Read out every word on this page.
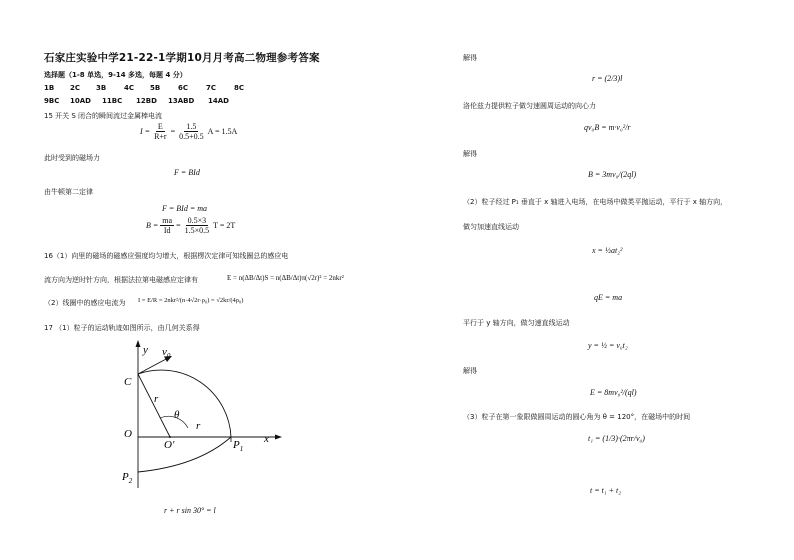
石家庄实验中学21-22-1学期10月月考高二物理参考答案
选择题（1-8 单选，9-14 多选，每题 4 分）
1B	2C	3B	4C	5B	6C	7C	8C
9BC	10AD	11BC	12BD	13ABD	14AD
15 开关 S 闭合的瞬间流过金属棒电流
$I = \frac{E}{R+r} = \frac{1.5}{0.5+0.5}$ A = 1.5A
此时受到的磁场力
F = BId
由牛顿第二定律
F = BId = ma
$B = \frac{ma}{Id} = \frac{0.5\times 3}{1.5\times 0.5}$ T = 2T
16（1）向里的磁场的磁感应强度均匀增大，根据楞次定律可知线圈总的感应电
流方向为逆时针方向，根据法拉第电磁感应定律有	E = n(ΔB/Δt)S = n(ΔB/Δt)π(√2r)² = 2nkr²
（2）线圈中的感应电流为 I = E/R = 2nkr²/(n·4√2r·ρ₀) = √2kr/(4ρ₀)
17 （1）粒子的运动轨迹如图所示，由几何关系得
y $v_0$
C
r
θ
r
O
O′	$P_1$
x
$P_2$
r + r sin 30° = l
解得
r = (2/3)l
洛伦兹力提供粒子做匀速圆周运动的向心力
qv₀B = m·v₀²/r
解得
B = 3mv₀/(2ql)
（2）粒子经过 P₁ 垂直于 x 轴进入电场，在电场中做类平抛运动，平行于 x 轴方向，
做匀加速直线运动
x = ½at₂²
qE = ma
平行于 y 轴方向，做匀速直线运动
y = ½ = v₀t₂
解得
E = 8mv₀²/(ql)
（3）粒子在第一象限做圆周运动的圆心角为 θ = 120°，在磁场中的时间
t₁ = (1/3)·(2πr/v₀)
t = t₁ + t₂
